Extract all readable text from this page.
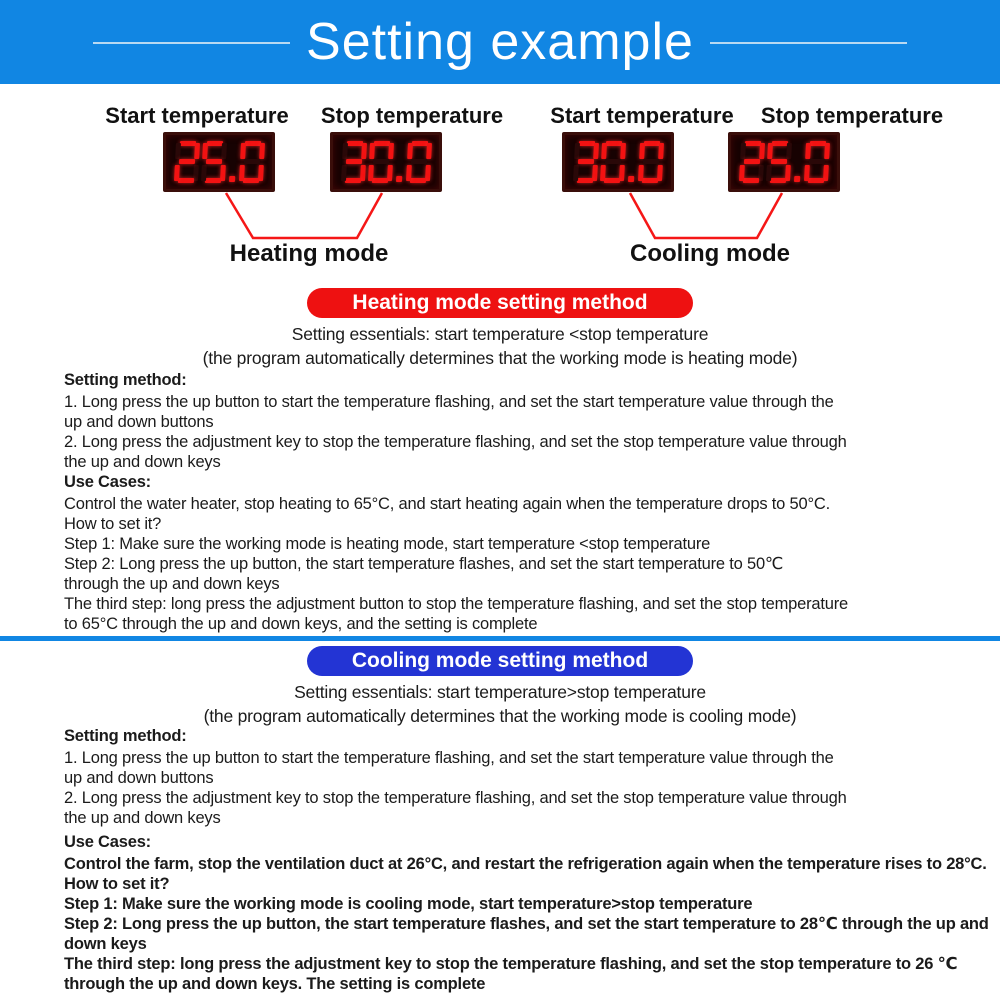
Setting example
Start temperature Stop temperature Start temperature Stop temperature
Heating mode	Cooling mode
Heating mode setting method
Setting essentials: start temperature <stop temperature
(the program automatically determines that the working mode is heating mode)
Setting method:
1. Long press the up button to start the temperature flashing, and set the start temperature value through the
up and down buttons
2. Long press the adjustment key to stop the temperature flashing, and set the stop temperature value through
the up and down keys
Use Cases:
Control the water heater, stop heating to 65°C, and start heating again when the temperature drops to 50°C.
How to set it?
Step 1: Make sure the working mode is heating mode, start temperature <stop temperature
Step 2: Long press the up button, the start temperature flashes, and set the start temperature to 50℃
through the up and down keys
The third step: long press the adjustment button to stop the temperature flashing, and set the stop temperature
to 65°C through the up and down keys, and the setting is complete
Cooling mode setting method
Setting essentials: start temperature>stop temperature
(the program automatically determines that the working mode is cooling mode)
Setting method:
1. Long press the up button to start the temperature flashing, and set the start temperature value through the
up and down buttons
2. Long press the adjustment key to stop the temperature flashing, and set the stop temperature value through
the up and down keys
Use Cases:
Control the farm, stop the ventilation duct at 26°C, and restart the refrigeration again when the temperature rises to 28°C.
How to set it?
Step 1: Make sure the working mode is cooling mode, start temperature>stop temperature
Step 2: Long press the up button, the start temperature flashes, and set the start temperature to 28℃ through the up and
down keys
The third step: long press the adjustment key to stop the temperature flashing, and set the stop temperature to 26 ℃
through the up and down keys. The setting is complete
